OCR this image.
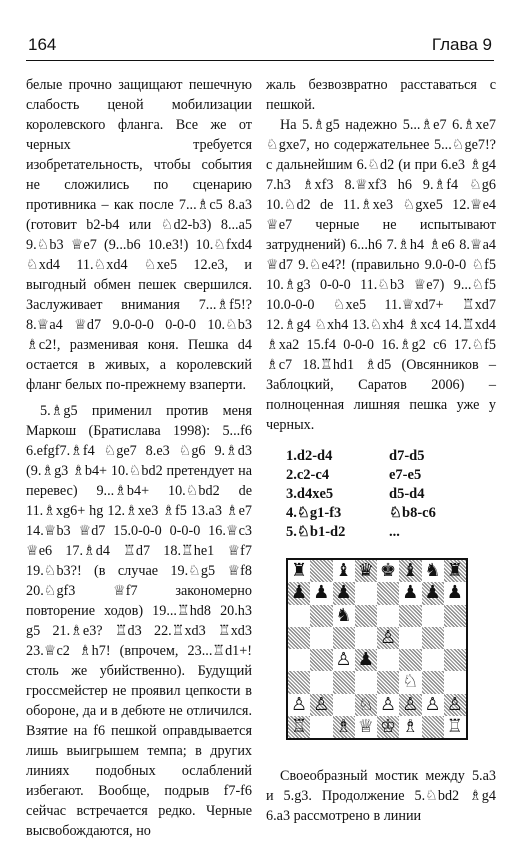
164	Глава 9

белые прочно защищают пешечную слабость ценой мобилизации королевского фланга. Все же от черных требуется изобретательность, чтобы события не сложились по сценарию противника – как после 7...♗c5 8.a3 (готовит b2-b4 или ♘d2-b3) 8...a5 9.♘b3 ♕e7 (9...b6 10.e3!) 10.♘fxd4 ♘xd4 11.♘xd4 ♘xe5 12.e3, и выгодный обмен пешек свершился. Заслуживает внимания 7...♗f5!? 8.♕a4 ♕d7 9.0-0-0 0-0-0 10.♘b3 ♗c2!, разменивая коня. Пешка d4 остается в живых, а королевский фланг белых по-прежнему взаперти.

5.♗g5 применил против меня Маркош (Братислава 1998): 5...f6 6.efgf7.♗f4 ♘ge7 8.e3 ♘g6 9.♗d3 (9.♗g3 ♗b4+ 10.♘bd2 претендует на перевес) 9...♗b4+ 10.♘bd2 de 11.♗xg6+ hg 12.♗xe3 ♗f5 13.a3 ♗e7 14.♕b3 ♕d7 15.0-0-0 0-0-0 16.♕c3 ♕e6 17.♗d4 ♖d7 18.♖he1 ♕f7 19.♘b3?! (в случае 19.♘g5 ♕f8 20.♘gf3 ♕f7 закономерно повторение ходов) 19...♖hd8 20.h3 g5 21.♗e3? ♖d3 22.♖xd3 ♖xd3 23.♕c2 ♗h7! (впрочем, 23...♖d1+! столь же убийственно). Будущий гроссмейстер не проявил цепкости в обороне, да и в дебюте не отличился. Взятие на f6 пешкой оправдывается лишь выигрышем темпа; в других линиях подобных ослаблений избегают. Вообще, подрыв f7-f6 сейчас встречается редко. Черные высвобождаются, но

жаль безвозвратно расставаться с пешкой.

На 5.♗g5 надежно 5...♗e7 6.♗xe7 ♘gxe7, но содержательнее 5...♘ge7!? с дальнейшим 6.♘d2 (и при 6.e3 ♗g4 7.h3 ♗xf3 8.♕xf3 h6 9.♗f4 ♘g6 10.♘d2 de 11.♗xe3 ♘gxe5 12.♕e4 ♕e7 черные не испытывают затруднений) 6...h6 7.♗h4 ♗e6 8.♕a4 ♕d7 9.♘e4?! (правильно 9.0-0-0 ♘f5 10.♗g3 0-0-0 11.♘b3 ♕e7) 9...♘f5 10.0-0-0 ♘xe5 11.♕xd7+ ♖xd7 12.♗g4 ♘xh4 13.♘xh4 ♗xc4 14.♖xd4 ♗xa2 15.f4 0-0-0 16.♗g2 c6 17.♘f5 ♗c7 18.♖hd1 ♗d5 (Овсянников – Заблоцкий, Саратов 2006) – полноценная лишняя пешка уже у черных.

1.d2-d4	d7-d5
2.c2-c4	e7-e5
3.d4xe5	d5-d4
4.♘g1-f3	♘b8-c6
5.♘b1-d2	...
♜ ♝ ♛ ♚ ♝ ♞ ♜
♟ ♟ ♟	♟ ♟ ♟
♞
♙
♙ ♟
♘
♙ ♙ ♘ ♙ ♙ ♙ ♙
♖ ♗ ♕ ♔ ♗ ♖

Своеобразный мостик между 5.a3 и 5.g3. Продолжение 5.♘bd2 ♗g4 6.a3 рассмотрено в линии
